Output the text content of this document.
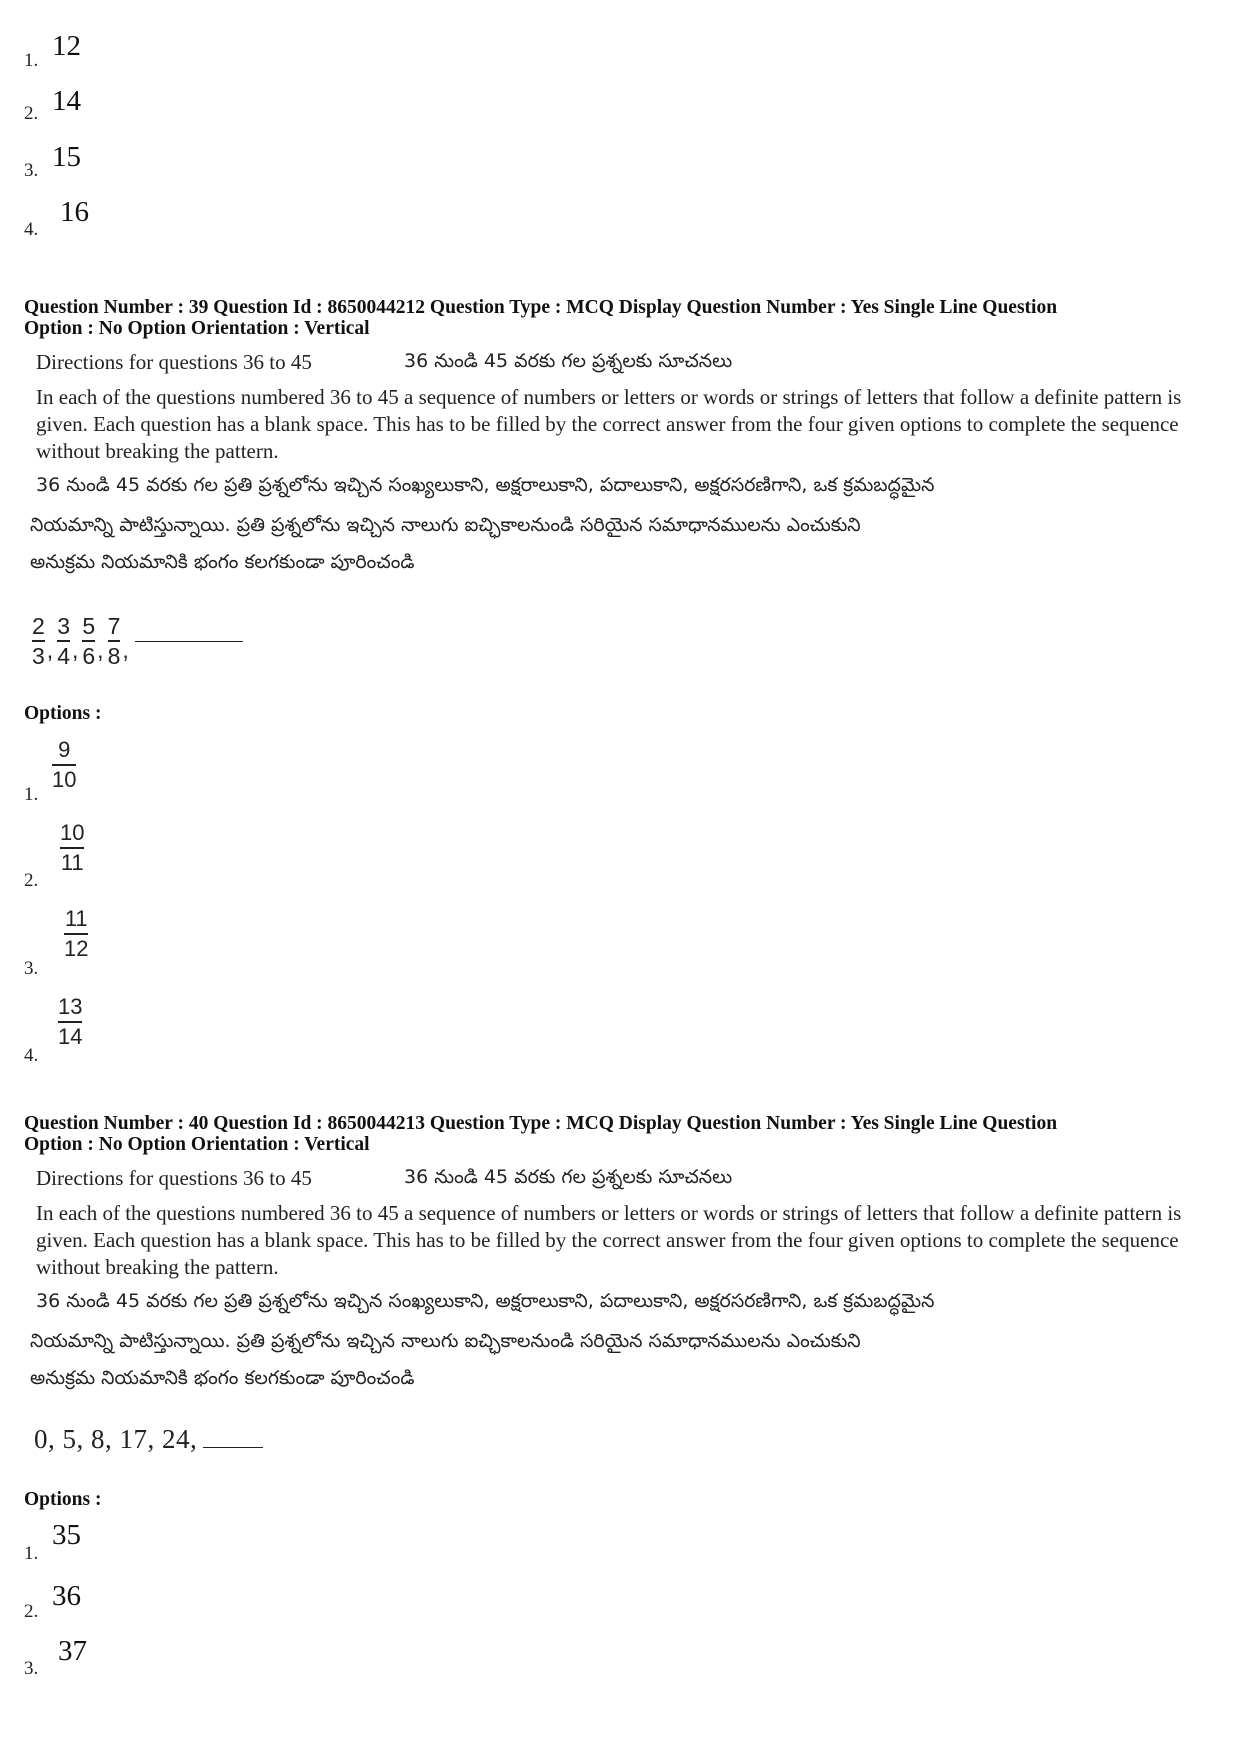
1. 12
2. 14
3. 15
4.
16
Question Number : 39 Question Id : 8650044212 Question Type : MCQ Display Question Number : Yes Single Line Question
Option : No Option Orientation : Vertical
Directions for questions 36 to 45	36 నుండి 45 వరకు గల ప్రశ్నలకు సూచనలు
In each of the questions numbered 36 to 45 a sequence of numbers or letters or words or strings of letters that follow a definite pattern is given. Each question has a blank space. This has to be filled by the correct answer from the four given options to complete the sequence without breaking the pattern.
36 నుండి 45 వరకు గల ప్రతి ప్రశ్నలోను ఇచ్చిన సంఖ్యలుకాని, అక్షరాలుకాని, పదాలుకాని, అక్షరసరణిగాని, ఒక క్రమబద్ధమైన
నియమాన్ని పాటిస్తున్నాయి. ప్రతి ప్రశ్నలోను ఇచ్చిన నాలుగు ఐచ్ఛికాలనుండి సరియైన సమాధానములను ఎంచుకుని
అనుక్రమ నియమానికి భంగం కలగకుండా పూరించండి
$\frac{2}{3}$ , $\frac{3}{4}$ , $\frac{5}{6}$ , $\frac{7}{8}$ ,
Options :
1.
9
10
2.
10
11
3.
11
12
4.
13
14
Question Number : 40 Question Id : 8650044213 Question Type : MCQ Display Question Number : Yes Single Line Question
Option : No Option Orientation : Vertical
Directions for questions 36 to 45	36 నుండి 45 వరకు గల ప్రశ్నలకు సూచనలు
In each of the questions numbered 36 to 45 a sequence of numbers or letters or words or strings of letters that follow a definite pattern is given. Each question has a blank space. This has to be filled by the correct answer from the four given options to complete the sequence without breaking the pattern.
36 నుండి 45 వరకు గల ప్రతి ప్రశ్నలోను ఇచ్చిన సంఖ్యలుకాని, అక్షరాలుకాని, పదాలుకాని, అక్షరసరణిగాని, ఒక క్రమబద్ధమైన
నియమాన్ని పాటిస్తున్నాయి. ప్రతి ప్రశ్నలోను ఇచ్చిన నాలుగు ఐచ్ఛికాలనుండి సరియైన సమాధానములను ఎంచుకుని
అనుక్రమ నియమానికి భంగం కలగకుండా పూరించండి
0, 5, 8, 17, 24,
Options :
1.
35
2. 36
3.
37
